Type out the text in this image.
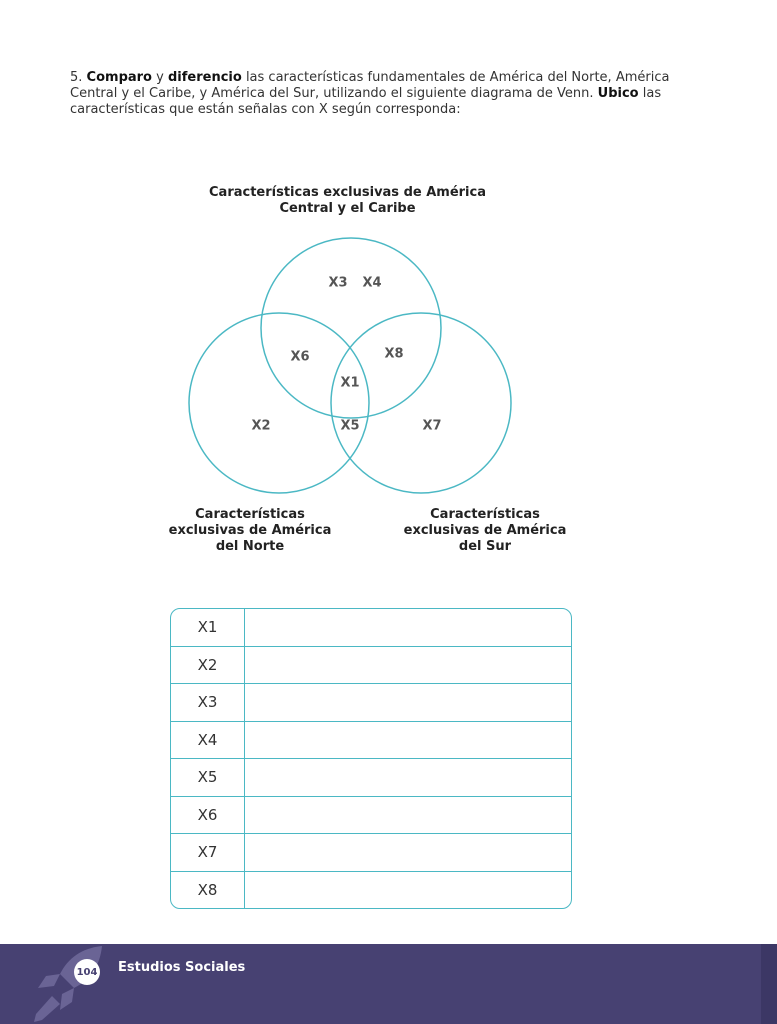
5. Comparo y diferencio las características fundamentales de América del Norte, América Central y el Caribe, y América del Sur, utilizando el siguiente diagrama de Venn. Ubico las características que están señalas con X según corresponda:
Características exclusivas de América Central y el Caribe
Características exclusivas de América del Norte
Características exclusivas de América del Sur
X3 X4
X6	X8
X1
X2	X5	X7
X1
X2
X3
X4
X5
X6
X7
X8
104 Estudios Sociales
